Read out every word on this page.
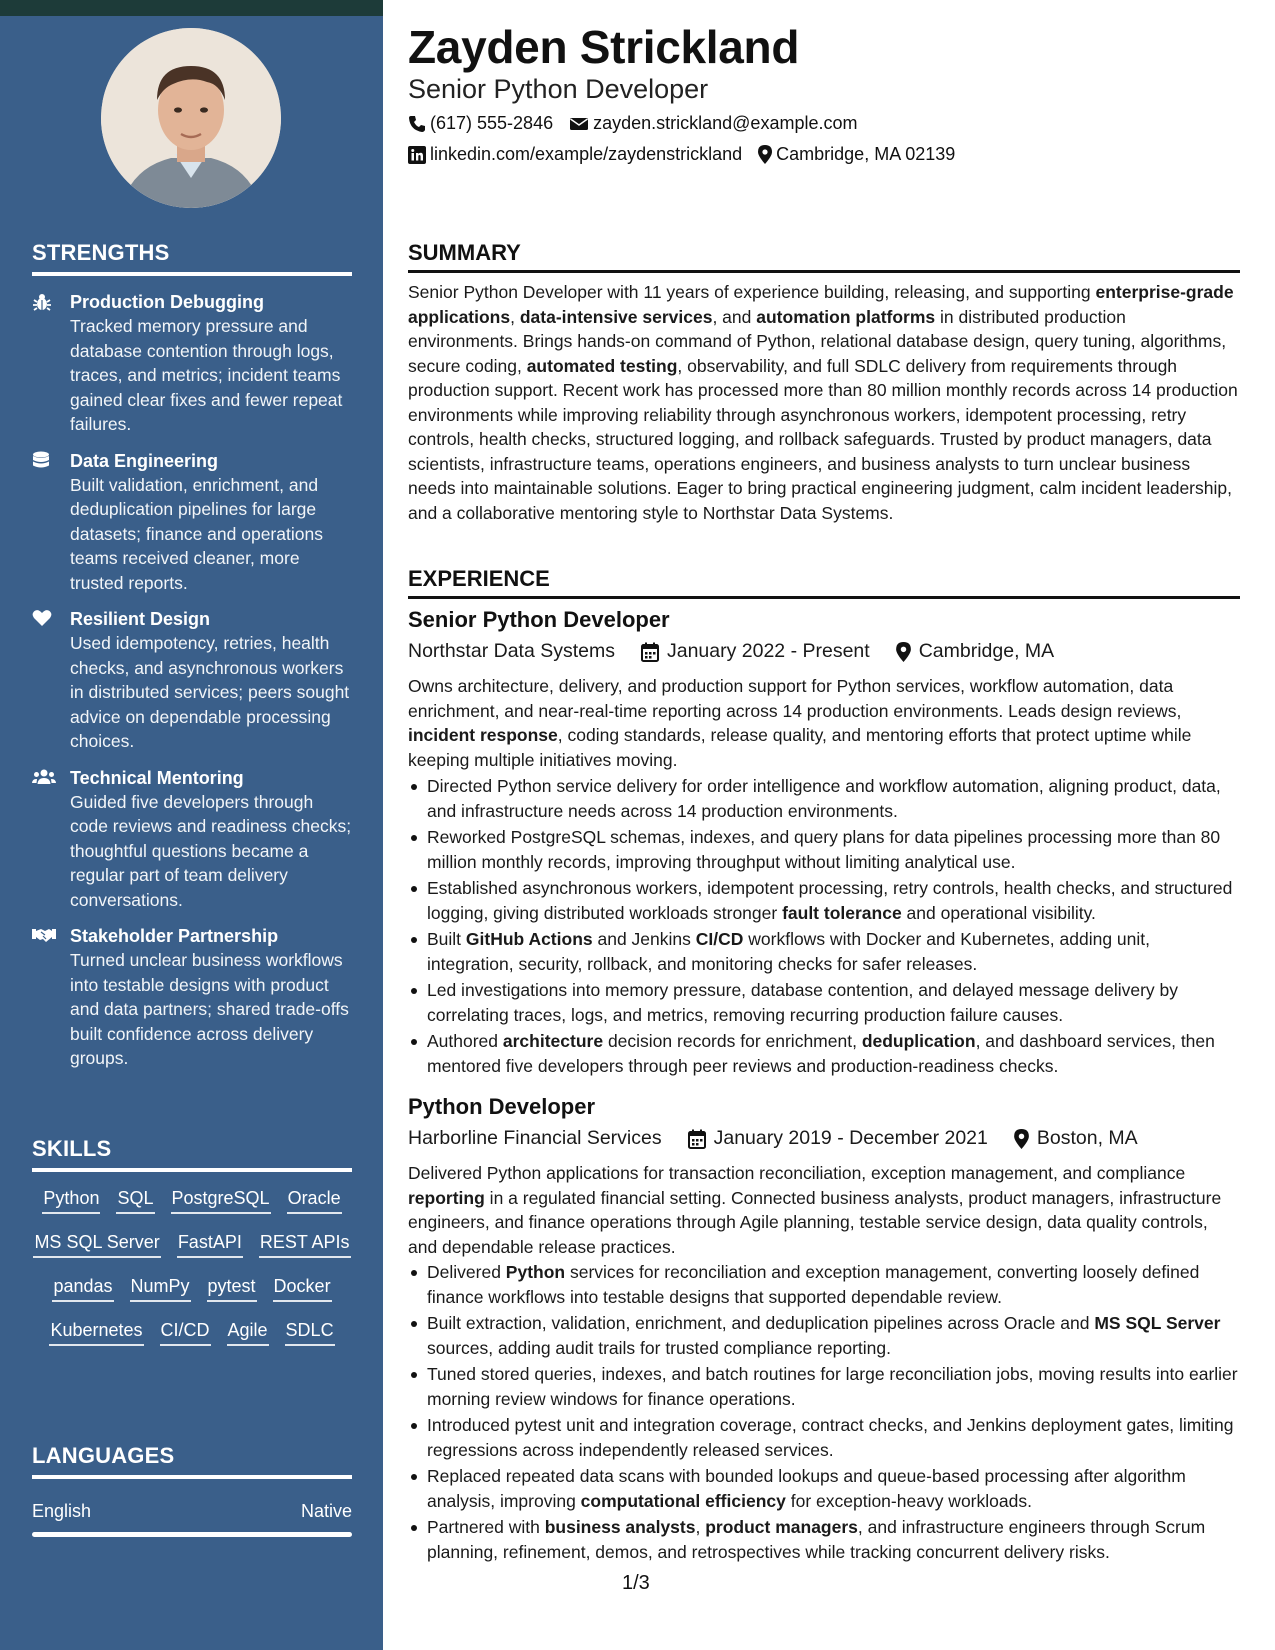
STRENGTHS
Production Debugging
Tracked memory pressure and database contention through logs, traces, and metrics; incident teams gained clear fixes and fewer repeat failures.
Data Engineering
Built validation, enrichment, and deduplication pipelines for large datasets; finance and operations teams received cleaner, more trusted reports.
Resilient Design
Used idempotency, retries, health checks, and asynchronous workers in distributed services; peers sought advice on dependable processing choices.
Technical Mentoring
Guided five developers through code reviews and readiness checks; thoughtful questions became a regular part of team delivery conversations.
Stakeholder Partnership
Turned unclear business workflows into testable designs with product and data partners; shared trade-offs built confidence across delivery groups.
SKILLS
Python SQL PostgreSQL Oracle
MS SQL Server FastAPI REST APIs
pandas NumPy pytest Docker
Kubernetes CI/CD Agile SDLC
LANGUAGES
English	Native
Zayden Strickland
Senior Python Developer
(617) 555-2846 zayden.strickland@example.com
linkedin.com/example/zaydenstrickland Cambridge, MA 02139
SUMMARY
Senior Python Developer with 11 years of experience building, releasing, and supporting enterprise-grade applications, data-intensive services, and automation platforms in distributed production environments. Brings hands-on command of Python, relational database design, query tuning, algorithms, secure coding, automated testing, observability, and full SDLC delivery from requirements through production support. Recent work has processed more than 80 million monthly records across 14 production environments while improving reliability through asynchronous workers, idempotent processing, retry controls, health checks, structured logging, and rollback safeguards. Trusted by product managers, data scientists, infrastructure teams, operations engineers, and business analysts to turn unclear business needs into maintainable solutions. Eager to bring practical engineering judgment, calm incident leadership, and a collaborative mentoring style to Northstar Data Systems.
EXPERIENCE
Senior Python Developer
Northstar Data Systems	January 2022 - Present	Cambridge, MA
Owns architecture, delivery, and production support for Python services, workflow automation, data enrichment, and near-real-time reporting across 14 production environments. Leads design reviews, incident response, coding standards, release quality, and mentoring efforts that protect uptime while keeping multiple initiatives moving.
Directed Python service delivery for order intelligence and workflow automation, aligning product, data, and infrastructure needs across 14 production environments.
Reworked PostgreSQL schemas, indexes, and query plans for data pipelines processing more than 80 million monthly records, improving throughput without limiting analytical use.
Established asynchronous workers, idempotent processing, retry controls, health checks, and structured logging, giving distributed workloads stronger fault tolerance and operational visibility.
Built GitHub Actions and Jenkins CI/CD workflows with Docker and Kubernetes, adding unit, integration, security, rollback, and monitoring checks for safer releases.
Led investigations into memory pressure, database contention, and delayed message delivery by correlating traces, logs, and metrics, removing recurring production failure causes.
Authored architecture decision records for enrichment, deduplication, and dashboard services, then mentored five developers through peer reviews and production-readiness checks.
Python Developer
Harborline Financial Services	January 2019 - December 2021	Boston, MA
Delivered Python applications for transaction reconciliation, exception management, and compliance reporting in a regulated financial setting. Connected business analysts, product managers, infrastructure engineers, and finance operations through Agile planning, testable service design, data quality controls, and dependable release practices.
Delivered Python services for reconciliation and exception management, converting loosely defined finance workflows into testable designs that supported dependable review.
Built extraction, validation, enrichment, and deduplication pipelines across Oracle and MS SQL Server sources, adding audit trails for trusted compliance reporting.
Tuned stored queries, indexes, and batch routines for large reconciliation jobs, moving results into earlier morning review windows for finance operations.
Introduced pytest unit and integration coverage, contract checks, and Jenkins deployment gates, limiting regressions across independently released services.
Replaced repeated data scans with bounded lookups and queue-based processing after algorithm analysis, improving computational efficiency for exception-heavy workloads.
Partnered with business analysts, product managers, and infrastructure engineers through Scrum planning, refinement, demos, and retrospectives while tracking concurrent delivery risks.
1/3
